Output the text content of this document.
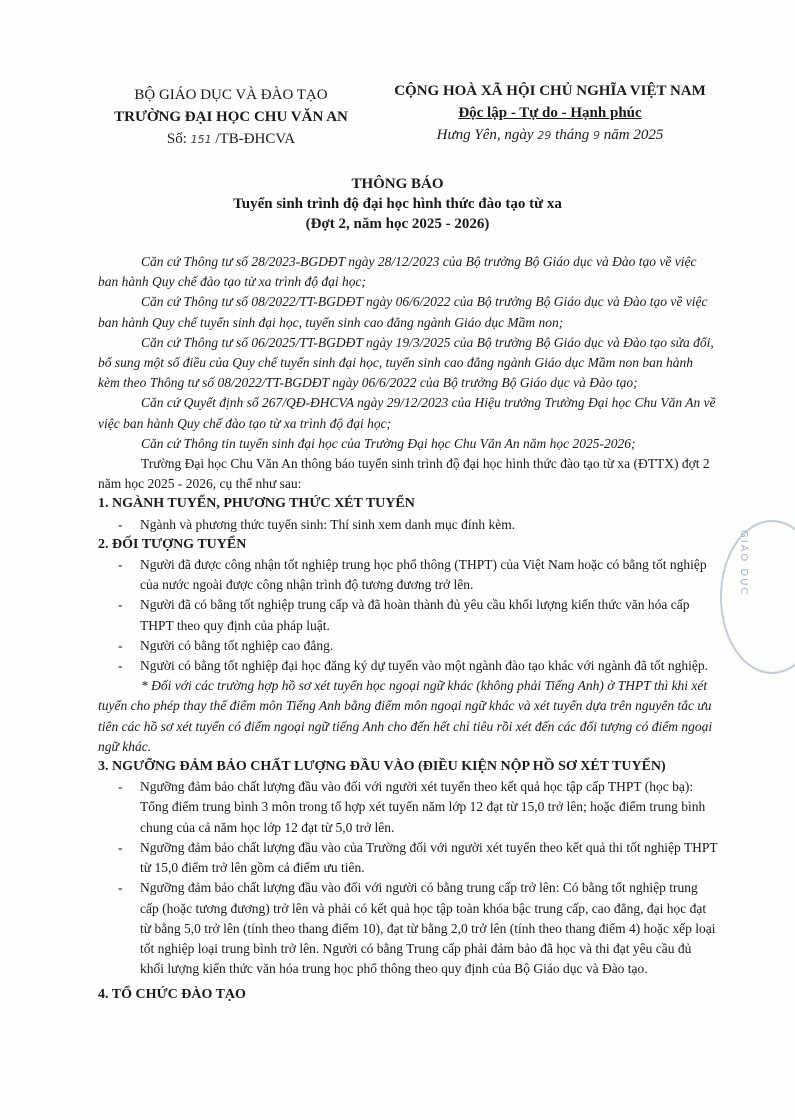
BỘ GIÁO DỤC VÀ ĐÀO TẠO
TRƯỜNG ĐẠI HỌC CHU VĂN AN
Số: 151 /TB-ĐHCVA
CỘNG HOÀ XÃ HỘI CHỦ NGHĨA VIỆT NAM
Độc lập - Tự do - Hạnh phúc
Hưng Yên, ngày 29 tháng 9 năm 2025
THÔNG BÁO
Tuyển sinh trình độ đại học hình thức đào tạo từ xa
(Đợt 2, năm học 2025 - 2026)

Căn cứ Thông tư số 28/2023-BGDĐT ngày 28/12/2023 của Bộ trưởng Bộ Giáo dục và Đào tạo về việc ban hành Quy chế đào tạo từ xa trình độ đại học;

Căn cứ Thông tư số 08/2022/TT-BGDĐT ngày 06/6/2022 của Bộ trưởng Bộ Giáo dục và Đào tạo về việc ban hành Quy chế tuyển sinh đại học, tuyển sinh cao đẳng ngành Giáo dục Mầm non;

Căn cứ Thông tư số 06/2025/TT-BGDĐT ngày 19/3/2025 của Bộ trưởng Bộ Giáo dục và Đào tạo sửa đổi, bổ sung một số điều của Quy chế tuyển sinh đại học, tuyển sinh cao đẳng ngành Giáo dục Mầm non ban hành kèm theo Thông tư số 08/2022/TT-BGDĐT ngày 06/6/2022 của Bộ trưởng Bộ Giáo dục và Đào tạo;

Căn cứ Quyết định số 267/QĐ-ĐHCVA ngày 29/12/2023 của Hiệu trưởng Trường Đại học Chu Văn An về việc ban hành Quy chế đào tạo từ xa trình độ đại học;

Căn cứ Thông tin tuyển sinh đại học của Trường Đại học Chu Văn An năm học 2025-2026;

Trường Đại học Chu Văn An thông báo tuyển sinh trình độ đại học hình thức đào tạo từ xa (ĐTTX) đợt 2 năm học 2025 - 2026, cụ thể như sau:

1. NGÀNH TUYỂN, PHƯƠNG THỨC XÉT TUYỂN

- Ngành và phương thức tuyển sinh: Thí sinh xem danh mục đính kèm.

2. ĐỐI TƯỢNG TUYỂN

- Người đã được công nhận tốt nghiệp trung học phổ thông (THPT) của Việt Nam hoặc có bằng tốt nghiệp của nước ngoài được công nhận trình độ tương đương trở lên.

- Người đã có bằng tốt nghiệp trung cấp và đã hoàn thành đủ yêu cầu khối lượng kiến thức văn hóa cấp THPT theo quy định của pháp luật.

- Người có bằng tốt nghiệp cao đẳng.

- Người có bằng tốt nghiệp đại học đăng ký dự tuyển vào một ngành đào tạo khác với ngành đã tốt nghiệp.

* Đối với các trường hợp hồ sơ xét tuyển học ngoại ngữ khác (không phải Tiếng Anh) ở THPT thì khi xét tuyển cho phép thay thế điểm môn Tiếng Anh bằng điểm môn ngoại ngữ khác và xét tuyển dựa trên nguyên tắc ưu tiên các hồ sơ xét tuyển có điểm ngoại ngữ tiếng Anh cho đến hết chỉ tiêu rồi xét đến các đối tượng có điểm ngoại ngữ khác.

3. NGƯỠNG ĐẢM BẢO CHẤT LƯỢNG ĐẦU VÀO (ĐIỀU KIỆN NỘP HỒ SƠ XÉT TUYỂN)

- Ngưỡng đảm bảo chất lượng đầu vào đối với người xét tuyển theo kết quả học tập cấp THPT (học bạ): Tổng điểm trung bình 3 môn trong tổ hợp xét tuyển năm lớp 12 đạt từ 15,0 trở lên; hoặc điểm trung bình chung của cả năm học lớp 12 đạt từ 5,0 trở lên.

- Ngưỡng đảm bảo chất lượng đầu vào của Trường đối với người xét tuyển theo kết quả thi tốt nghiệp THPT từ 15,0 điểm trở lên gồm cả điểm ưu tiên.

- Ngưỡng đảm bảo chất lượng đầu vào đối với người có bằng trung cấp trở lên: Có bằng tốt nghiệp trung cấp (hoặc tương đương) trở lên và phải có kết quả học tập toàn khóa bậc trung cấp, cao đẳng, đại học đạt từ bằng 5,0 trở lên (tính theo thang điểm 10), đạt từ bằng 2,0 trở lên (tính theo thang điểm 4) hoặc xếp loại tốt nghiệp loại trung bình trở lên. Người có bằng Trung cấp phải đảm bảo đã học và thi đạt yêu cầu đủ khối lượng kiến thức văn hóa trung học phổ thông theo quy định của Bộ Giáo dục và Đào tạo.

4. TỔ CHỨC ĐÀO TẠO

GIÁO DỤC
